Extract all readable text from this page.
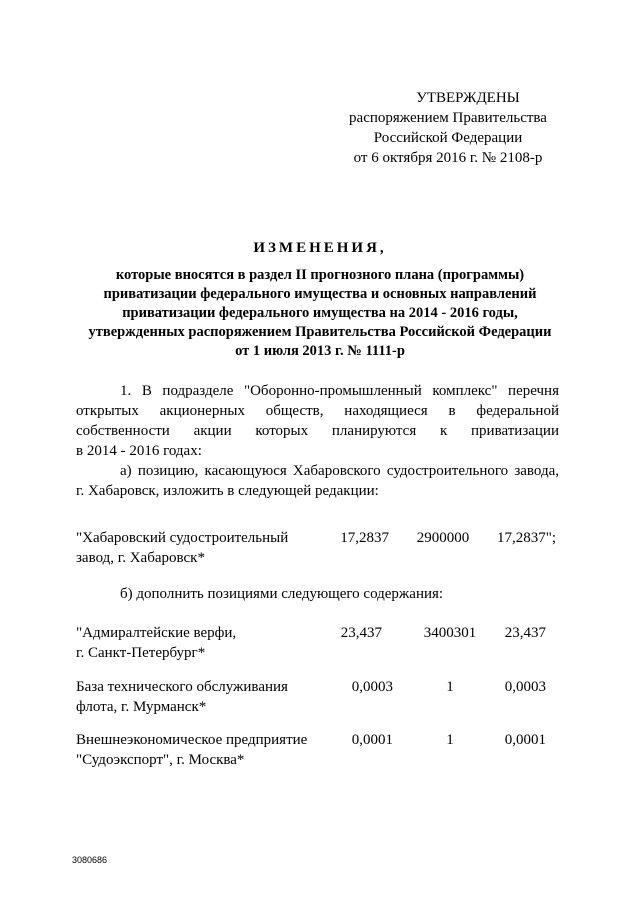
УТВЕРЖДЕНЫ
распоряжением Правительства
Российской Федерации
от 6 октября 2016 г. № 2108-р
ИЗМЕНЕНИЯ,
которые вносятся в раздел II прогнозного плана (программы)
приватизации федерального имущества и основных направлений
приватизации федерального имущества на 2014 - 2016 годы,
утвержденных распоряжением Правительства Российской Федерации
от 1 июля 2013 г. № 1111-р
1. В подразделе "Оборонно-промышленный комплекс" перечня
открытых акционерных обществ, находящиеся в федеральной
собственности акции которых планируются к приватизации
в 2014 - 2016 годах:
а) позицию, касающуюся Хабаровского судостроительного завода,
г. Хабаровск, изложить в следующей редакции:
"Хабаровский судостроительный
завод, г. Хабаровск*
17,2837	2900000	17,2837";
б) дополнить позициями следующего содержания:
"Адмиралтейские верфи,
г. Санкт-Петербург*
23,437	3400301	23,437
База технического обслуживания
флота, г. Мурманск*
0,0003	1	0,0003
Внешнеэкономическое предприятие
"Судоэкспорт", г. Москва*
0,0001	1	0,0001
3080686
